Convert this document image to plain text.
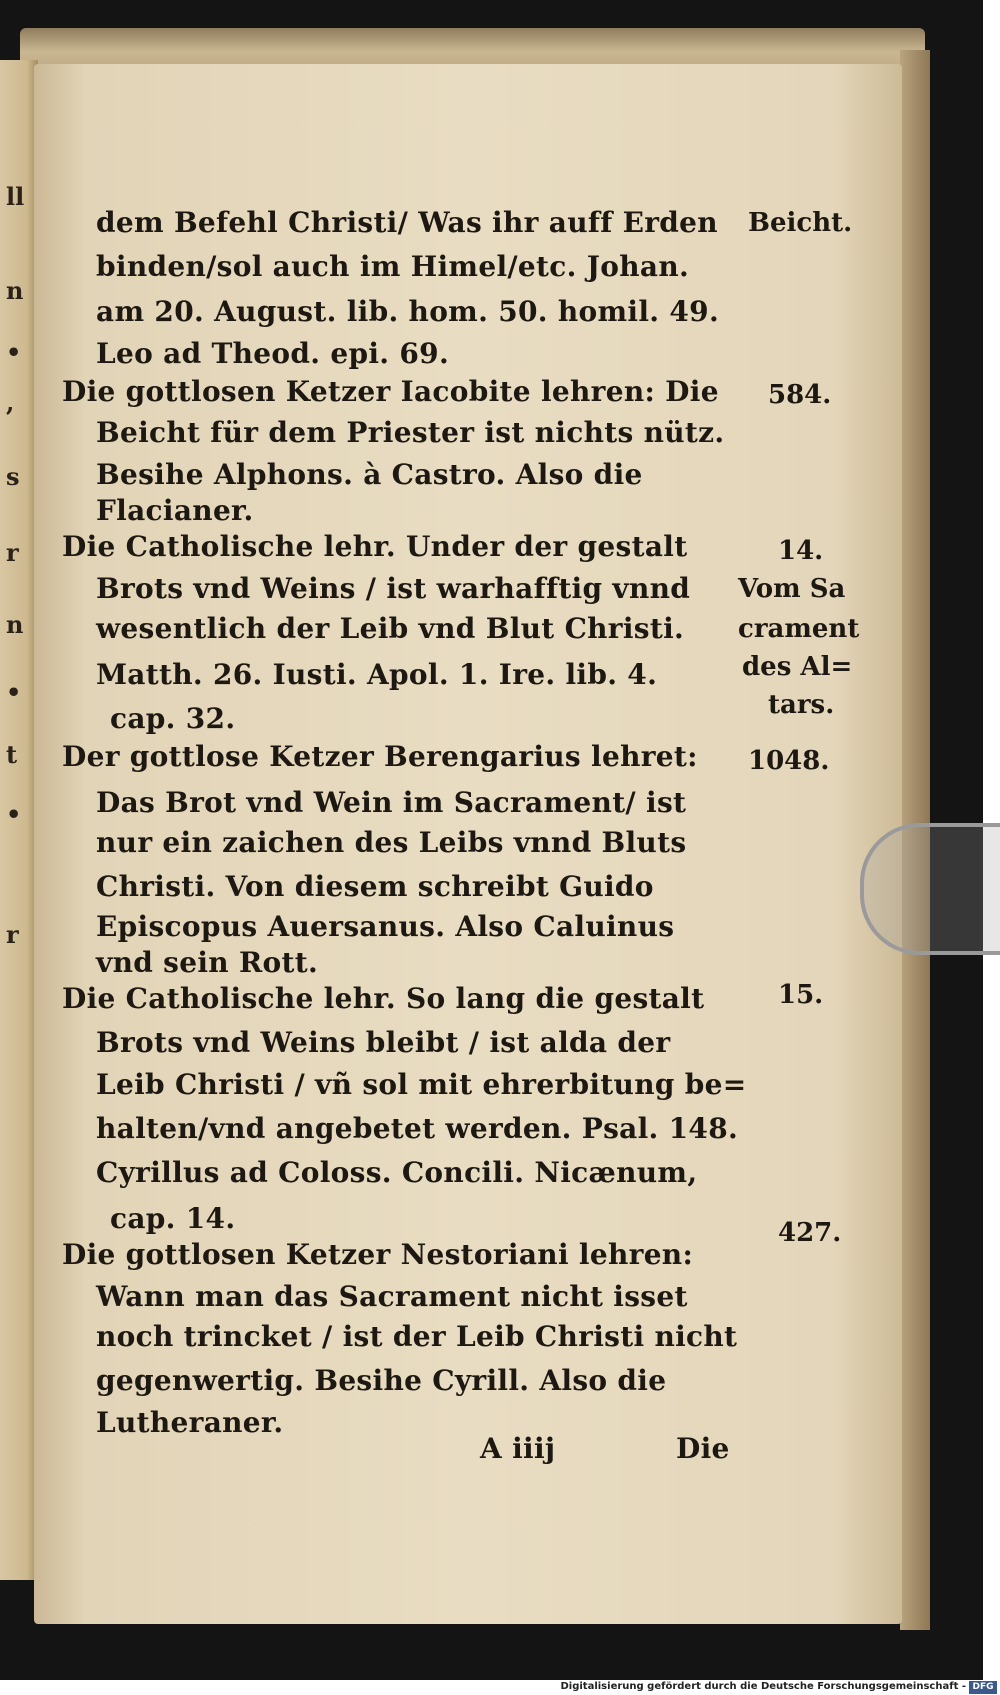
ll
n
•
,
s
r
n
•
t
•
r
dem Befehl Christi/ Was ihr auff Erden
binden/sol auch im Himel/etc. Johan.
am 20. August. lib. hom. 50. homil. 49.
Leo ad Theod. epi. 69.
Die gottlosen Ketzer Iacobite lehren: Die
Beicht für dem Priester ist nichts nütz.
Besihe Alphons. à Castro. Also die
Flacianer.
Die Catholische lehr. Under der gestalt
Brots vnd Weins / ist warhafftig vnnd
wesentlich der Leib vnd Blut Christi.
Matth. 26. Iusti. Apol. 1. Ire. lib. 4.
cap. 32.
Der gottlose Ketzer Berengarius lehret:
Das Brot vnd Wein im Sacrament/ ist
nur ein zaichen des Leibs vnnd Bluts
Christi. Von diesem schreibt Guido
Episcopus Auersanus. Also Caluinus
vnd sein Rott.
Die Catholische lehr. So lang die gestalt
Brots vnd Weins bleibt / ist alda der
Leib Christi / vñ sol mit ehrerbitung be=
halten/vnd angebetet werden. Psal. 148.
Cyrillus ad Coloss. Concili. Nicænum,
cap. 14.
Die gottlosen Ketzer Nestoriani lehren:
Wann man das Sacrament nicht isset
noch trincket / ist der Leib Christi nicht
gegenwertig. Besihe Cyrill. Also die
Lutheraner.
Beicht.
584.
14.
Vom Sa
crament
des Al=
tars.
1048.
15.
427.
A iiij	Die
Digitalisierung gefördert durch die Deutsche Forschungsgemeinschaft - DFG
